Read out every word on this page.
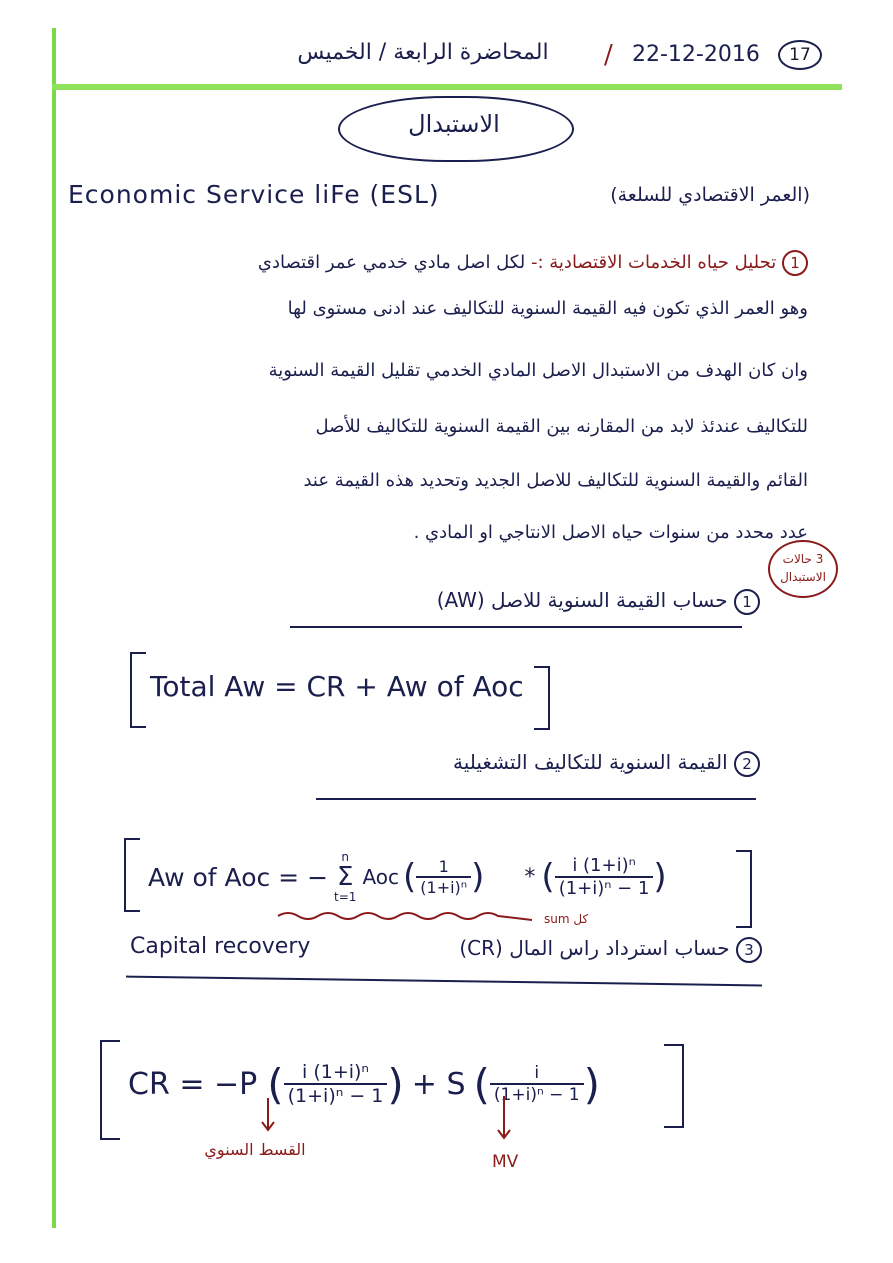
17
22-12-2016
/
المحاضرة الرابعة / الخميس
الاستبدال
Economic Service liFe (ESL)	(العمر الاقتصادي للسلعة)
1 تحليل حياه الخدمات الاقتصادية :- لكل اصل مادي خدمي عمر اقتصادي
وهو العمر الذي تكون فيه القيمة السنوية للتكاليف عند ادنى مستوى لها
وان كان الهدف من الاستبدال الاصل المادي الخدمي تقليل القيمة السنوية
للتكاليف عندئذ لابد من المقارنه بين القيمة السنوية للتكاليف للأصل
القائم والقيمة السنوية للتكاليف للاصل الجديد وتحديد هذه القيمة عند
عدد محدد من سنوات حياه الاصل الانتاجي او المادي .
3 حالات
الاستبدال
1 حساب القيمة السنوية للاصل (AW)
Total Aw = CR + Aw of Aoc
2 القيمة السنوية للتكاليف التشغيلية
Aw of Aoc = −
n
Σ
t=1
Aoc ( $\frac{1}{\text{(1+i)ⁿ}}$ ) * ( $\frac{\text{i (1+i)ⁿ}}{\text{(1+i)ⁿ − 1}}$ )
sum كل
Capital recovery	3 حساب استرداد راس المال (CR)
CR = −P ( $\frac{\text{i (1+i)ⁿ}}{\text{(1+i)ⁿ − 1}}$ ) + S ( $\frac{i}{\text{(1+i)ⁿ − 1}}$ )
القسط السنوي
MV
